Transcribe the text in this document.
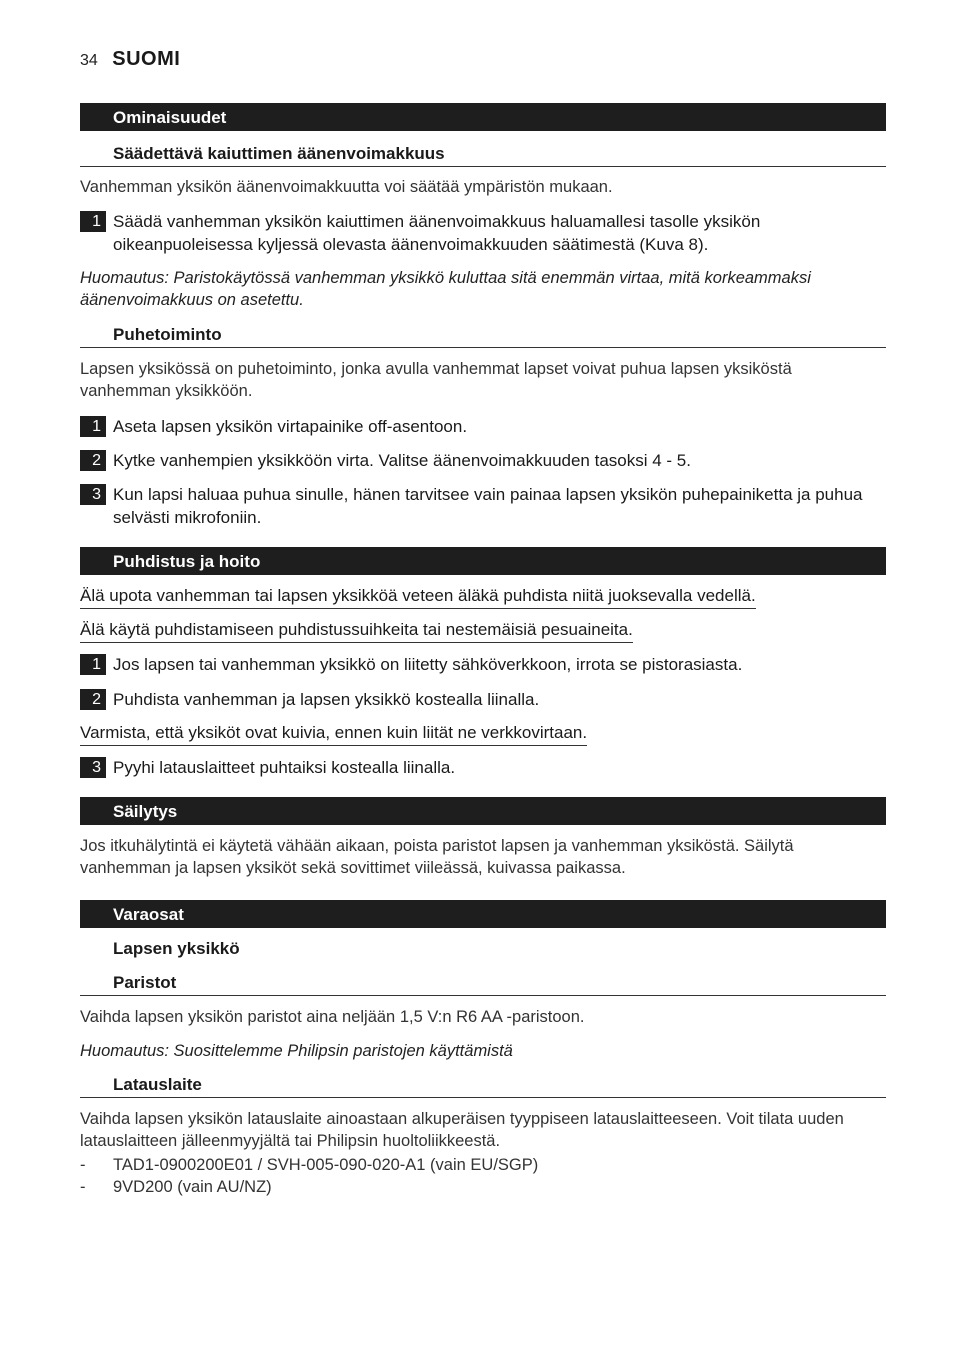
34 SUOMI
Ominaisuudet
Säädettävä kaiuttimen äänenvoimakkuus
Vanhemman yksikön äänenvoimakkuutta voi säätää ympäristön mukaan.
1 Säädä vanhemman yksikön kaiuttimen äänenvoimakkuus haluamallesi tasolle yksikön oikeanpuoleisessa kyljessä olevasta äänenvoimakkuuden säätimestä (Kuva 8).
Huomautus: Paristokäytössä vanhemman yksikkö kuluttaa sitä enemmän virtaa, mitä korkeammaksi äänenvoimakkuus on asetettu.
Puhetoiminto
Lapsen yksikössä on puhetoiminto, jonka avulla vanhemmat lapset voivat puhua lapsen yksiköstä vanhemman yksikköön.
1 Aseta lapsen yksikön virtapainike off-asentoon.
2 Kytke vanhempien yksikköön virta. Valitse äänenvoimakkuuden tasoksi 4 - 5.
3 Kun lapsi haluaa puhua sinulle, hänen tarvitsee vain painaa lapsen yksikön puhepainiketta ja puhua selvästi mikrofoniin.
Puhdistus ja hoito
Älä upota vanhemman tai lapsen yksikköä veteen äläkä puhdista niitä juoksevalla vedellä.
Älä käytä puhdistamiseen puhdistussuihkeita tai nestemäisiä pesuaineita.
1 Jos lapsen tai vanhemman yksikkö on liitetty sähköverkkoon, irrota se pistorasiasta.
2 Puhdista vanhemman ja lapsen yksikkö kostealla liinalla.
Varmista, että yksiköt ovat kuivia, ennen kuin liität ne verkkovirtaan.
3 Pyyhi latauslaitteet puhtaiksi kostealla liinalla.
Säilytys
Jos itkuhälytintä ei käytetä vähään aikaan, poista paristot lapsen ja vanhemman yksiköstä. Säilytä vanhemman ja lapsen yksiköt sekä sovittimet viileässä, kuivassa paikassa.
Varaosat
Lapsen yksikkö
Paristot
Vaihda lapsen yksikön paristot aina neljään 1,5 V:n R6 AA -paristoon.
Huomautus: Suosittelemme Philipsin paristojen käyttämistä
Latauslaite
Vaihda lapsen yksikön latauslaite ainoastaan alkuperäisen tyyppiseen latauslaitteeseen. Voit tilata uuden latauslaitteen jälleenmyyjältä tai Philipsin huoltoliikkeestä.
- TAD1-0900200E01 / SVH-005-090-020-A1 (vain EU/SGP)
- 9VD200 (vain AU/NZ)
